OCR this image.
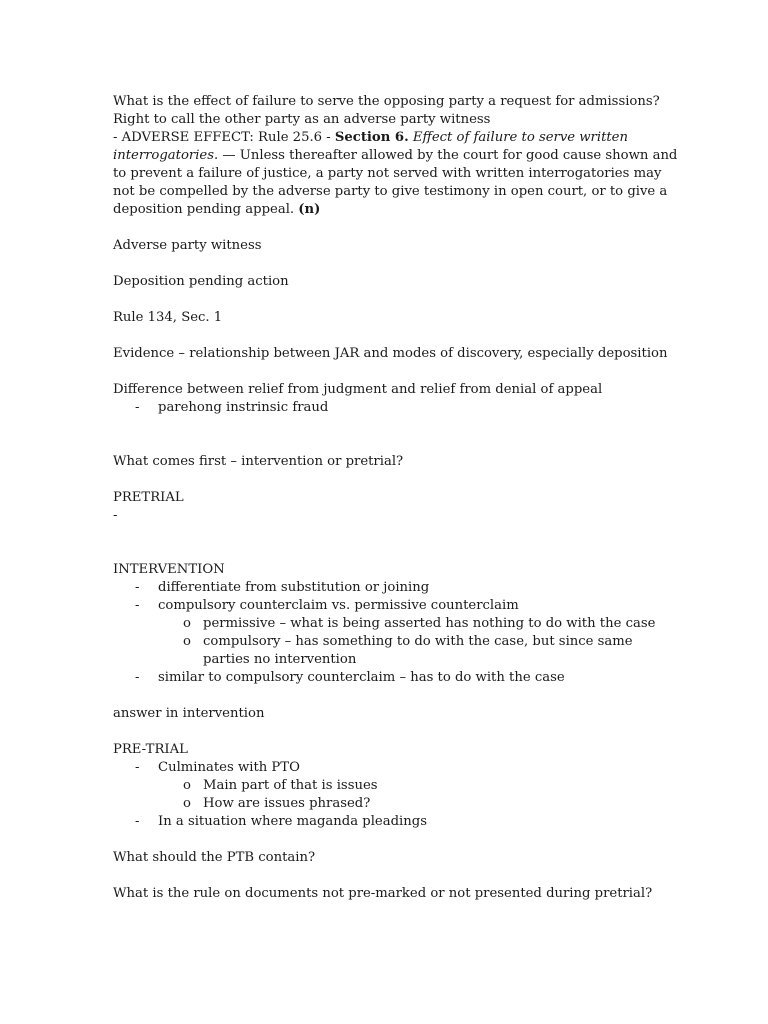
What is the effect of failure to serve the opposing party a request for admissions?
Right to call the other party as an adverse party witness
- ADVERSE EFFECT: Rule 25.6 - Section 6. Effect of failure to serve written
interrogatories. — Unless thereafter allowed by the court for good cause shown and
to prevent a failure of justice, a party not served with written interrogatories may
not be compelled by the adverse party to give testimony in open court, or to give a
deposition pending appeal. (n)
Adverse party witness
Deposition pending action
Rule 134, Sec. 1
Evidence – relationship between JAR and modes of discovery, especially deposition
Difference between relief from judgment and relief from denial of appeal
- parehong instrinsic fraud
What comes first – intervention or pretrial?
PRETRIAL
-
INTERVENTION
- differentiate from substitution or joining
- compulsory counterclaim vs. permissive counterclaim
o permissive – what is being asserted has nothing to do with the case
o compulsory – has something to do with the case, but since same
parties no intervention
- similar to compulsory counterclaim – has to do with the case
answer in intervention
PRE-TRIAL
- Culminates with PTO
o Main part of that is issues
o How are issues phrased?
- In a situation where maganda pleadings
What should the PTB contain?
What is the rule on documents not pre-marked or not presented during pretrial?
